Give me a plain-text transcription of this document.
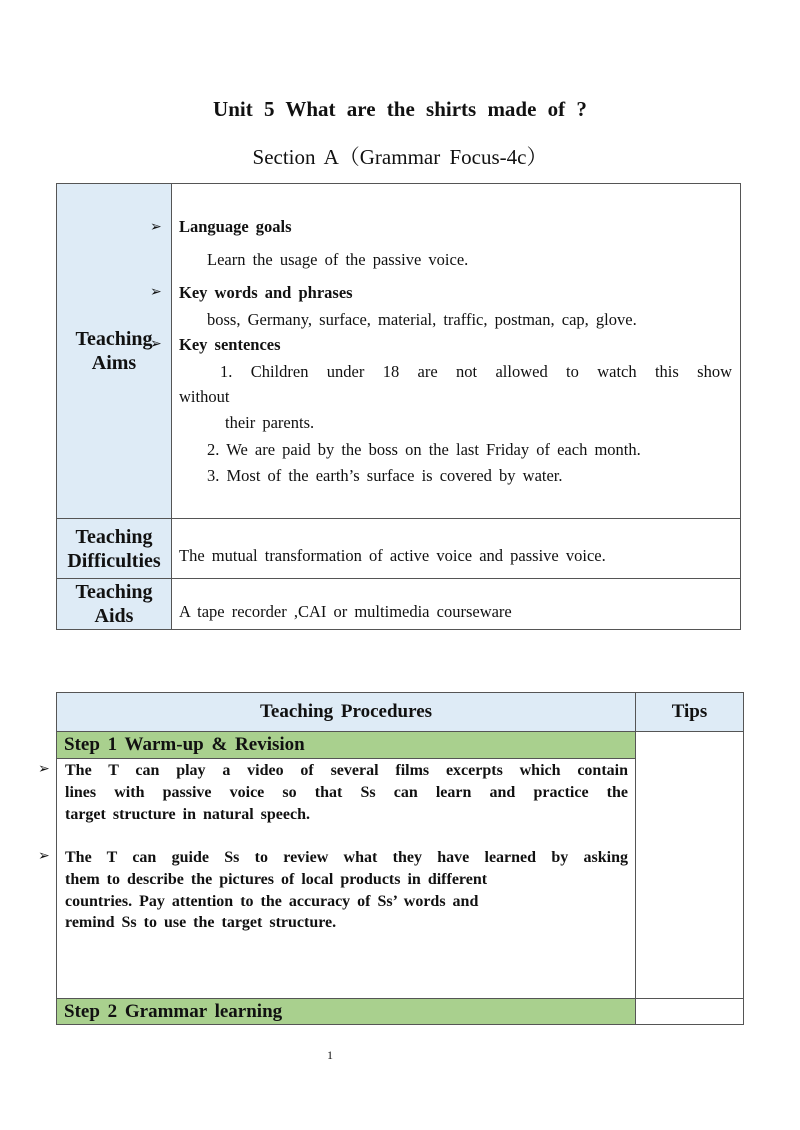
Unit 5 What are the shirts made of ?
Section A（Grammar Focus-4c）
Teaching Aims
Teaching
Difficulties
Teaching
Aids
➢ Language goals
Learn the usage of the passive voice.
➢ Key words and phrases
boss, Germany, surface, material, traffic, postman, cap, glove.
➢ Key sentences
1. Children under 18 are not allowed to watch this show
without
their parents.
2. We are paid by the boss on the last Friday of each month.
3. Most of the earth’s surface is covered by water.
The mutual transformation of active voice and passive voice.
A tape recorder ,CAI or multimedia courseware
Teaching Procedures	Tips
Step 1 Warm-up & Revision
➢ The T can play a video of several films excerpts which contain
lines with passive voice so that Ss can learn and practice the
target structure in natural speech.
➢ The T can guide Ss to review what they have learned by asking
them to describe the pictures of local products in different
countries. Pay attention to the accuracy of Ss’ words and
remind Ss to use the target structure.
Step 2 Grammar learning
1
